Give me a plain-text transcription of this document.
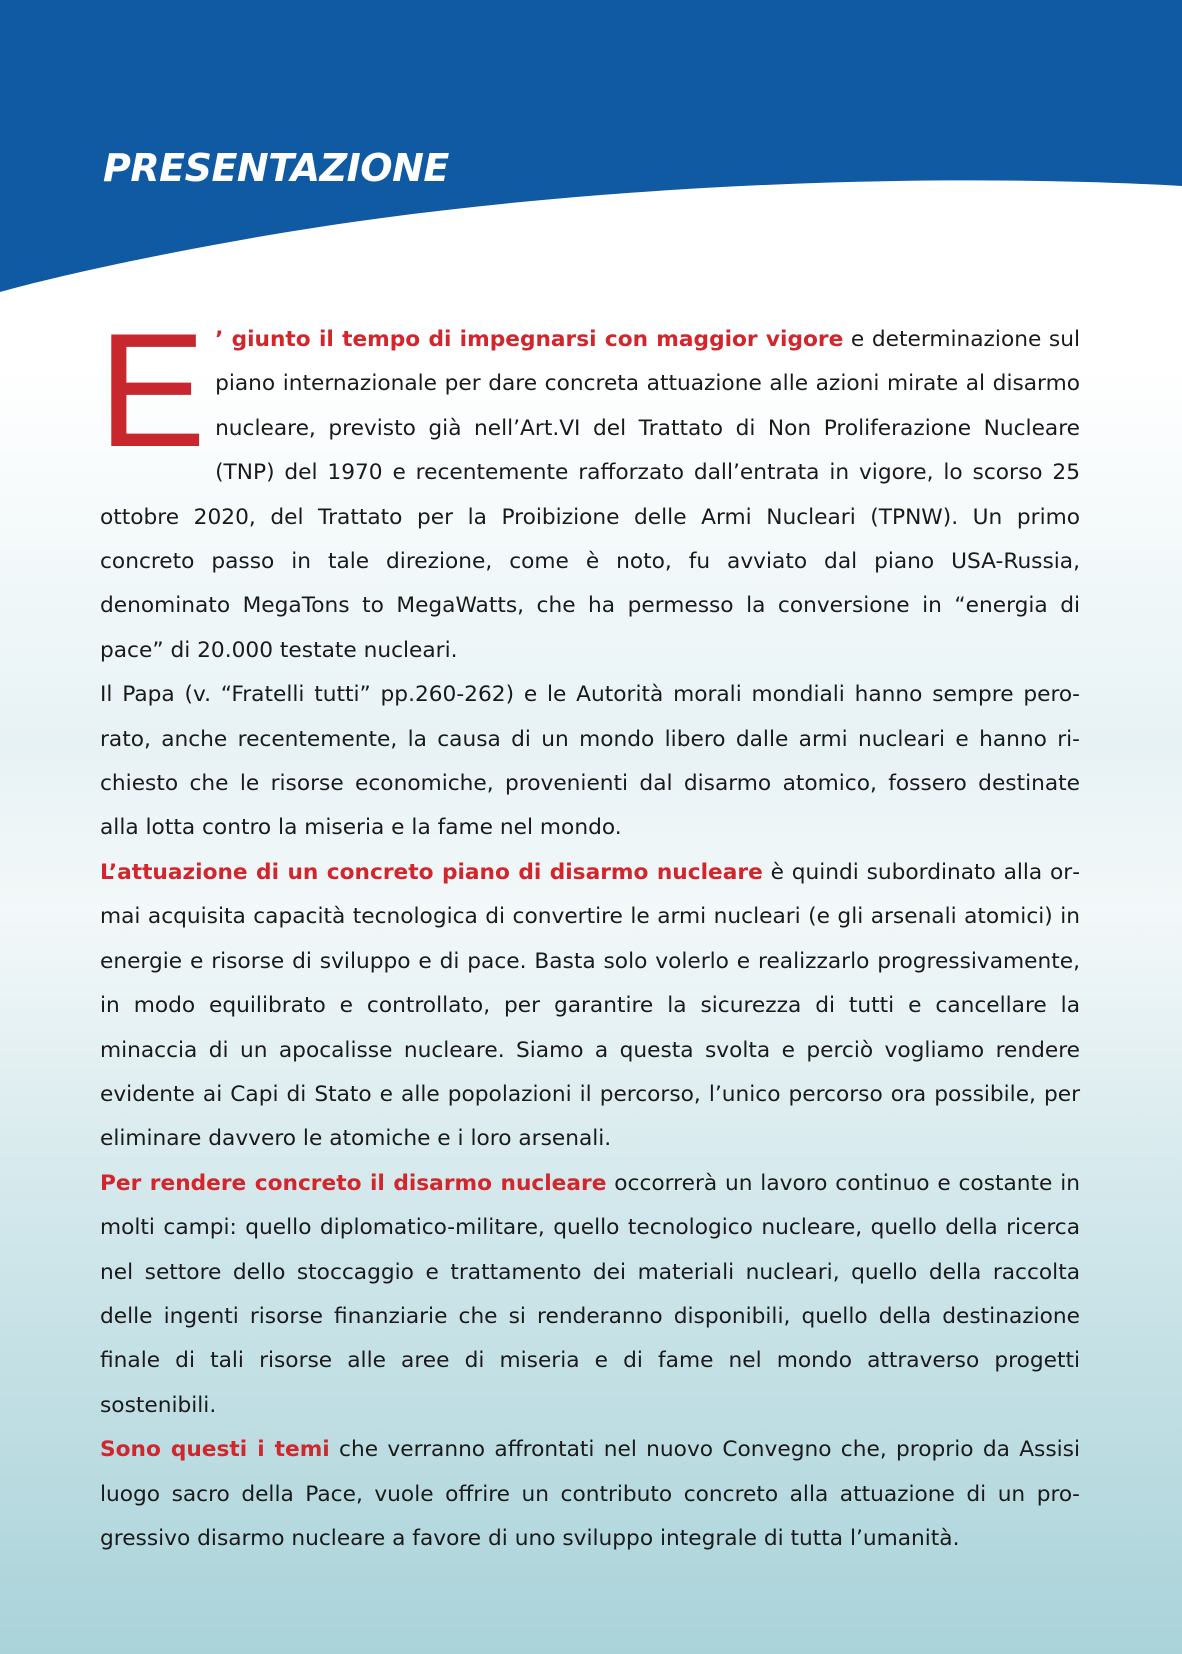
PRESENTAZIONE

E ’ giunto il tempo di impegnarsi con maggior vigore e determinazione sul piano internazionale per dare concreta attuazione alle azioni mirate al disarmo nucleare, previsto già nell’Art.VI del Trattato di Non Proliferazione Nucleare (TNP) del 1970 e recentemente rafforzato dall’entrata in vigore, lo scorso 25 ottobre 2020, del Trattato per la Proibizione delle Armi Nucleari (TPNW). Un primo concreto passo in tale direzione, come è noto, fu avviato dal piano USA-Russia, denominato MegaTons to MegaWatts, che ha permesso la conversione in “energia di pace” di 20.000 testate nucleari.

Il Papa (v. “Fratelli tutti” pp.260-262) e le Autorità morali mondiali hanno sempre perorato, anche recentemente, la causa di un mondo libero dalle armi nucleari e hanno richiesto che le risorse economiche, provenienti dal disarmo atomico, fossero destinate alla lotta contro la miseria e la fame nel mondo.

L’attuazione di un concreto piano di disarmo nucleare è quindi subordinato alla ormai acquisita capacità tecnologica di convertire le armi nucleari (e gli arsenali atomici) in energie e risorse di sviluppo e di pace. Basta solo volerlo e realizzarlo progressivamente, in modo equilibrato e controllato, per garantire la sicurezza di tutti e cancellare la minaccia di un apocalisse nucleare. Siamo a questa svolta e perciò vogliamo rendere evidente ai Capi di Stato e alle popolazioni il percorso, l’unico percorso ora possibile, per eliminare davvero le atomiche e i loro arsenali.

Per rendere concreto il disarmo nucleare occorrerà un lavoro continuo e costante in molti campi: quello diplomatico-militare, quello tecnologico nucleare, quello della ricerca nel settore dello stoccaggio e trattamento dei materiali nucleari, quello della raccolta delle ingenti risorse finanziarie che si renderanno disponibili, quello della destinazione finale di tali risorse alle aree di miseria e di fame nel mondo attraverso progetti sostenibili.

Sono questi i temi che verranno affrontati nel nuovo Convegno che, proprio da Assisi luogo sacro della Pace, vuole offrire un contributo concreto alla attuazione di un progressivo disarmo nucleare a favore di uno sviluppo integrale di tutta l’umanità.
